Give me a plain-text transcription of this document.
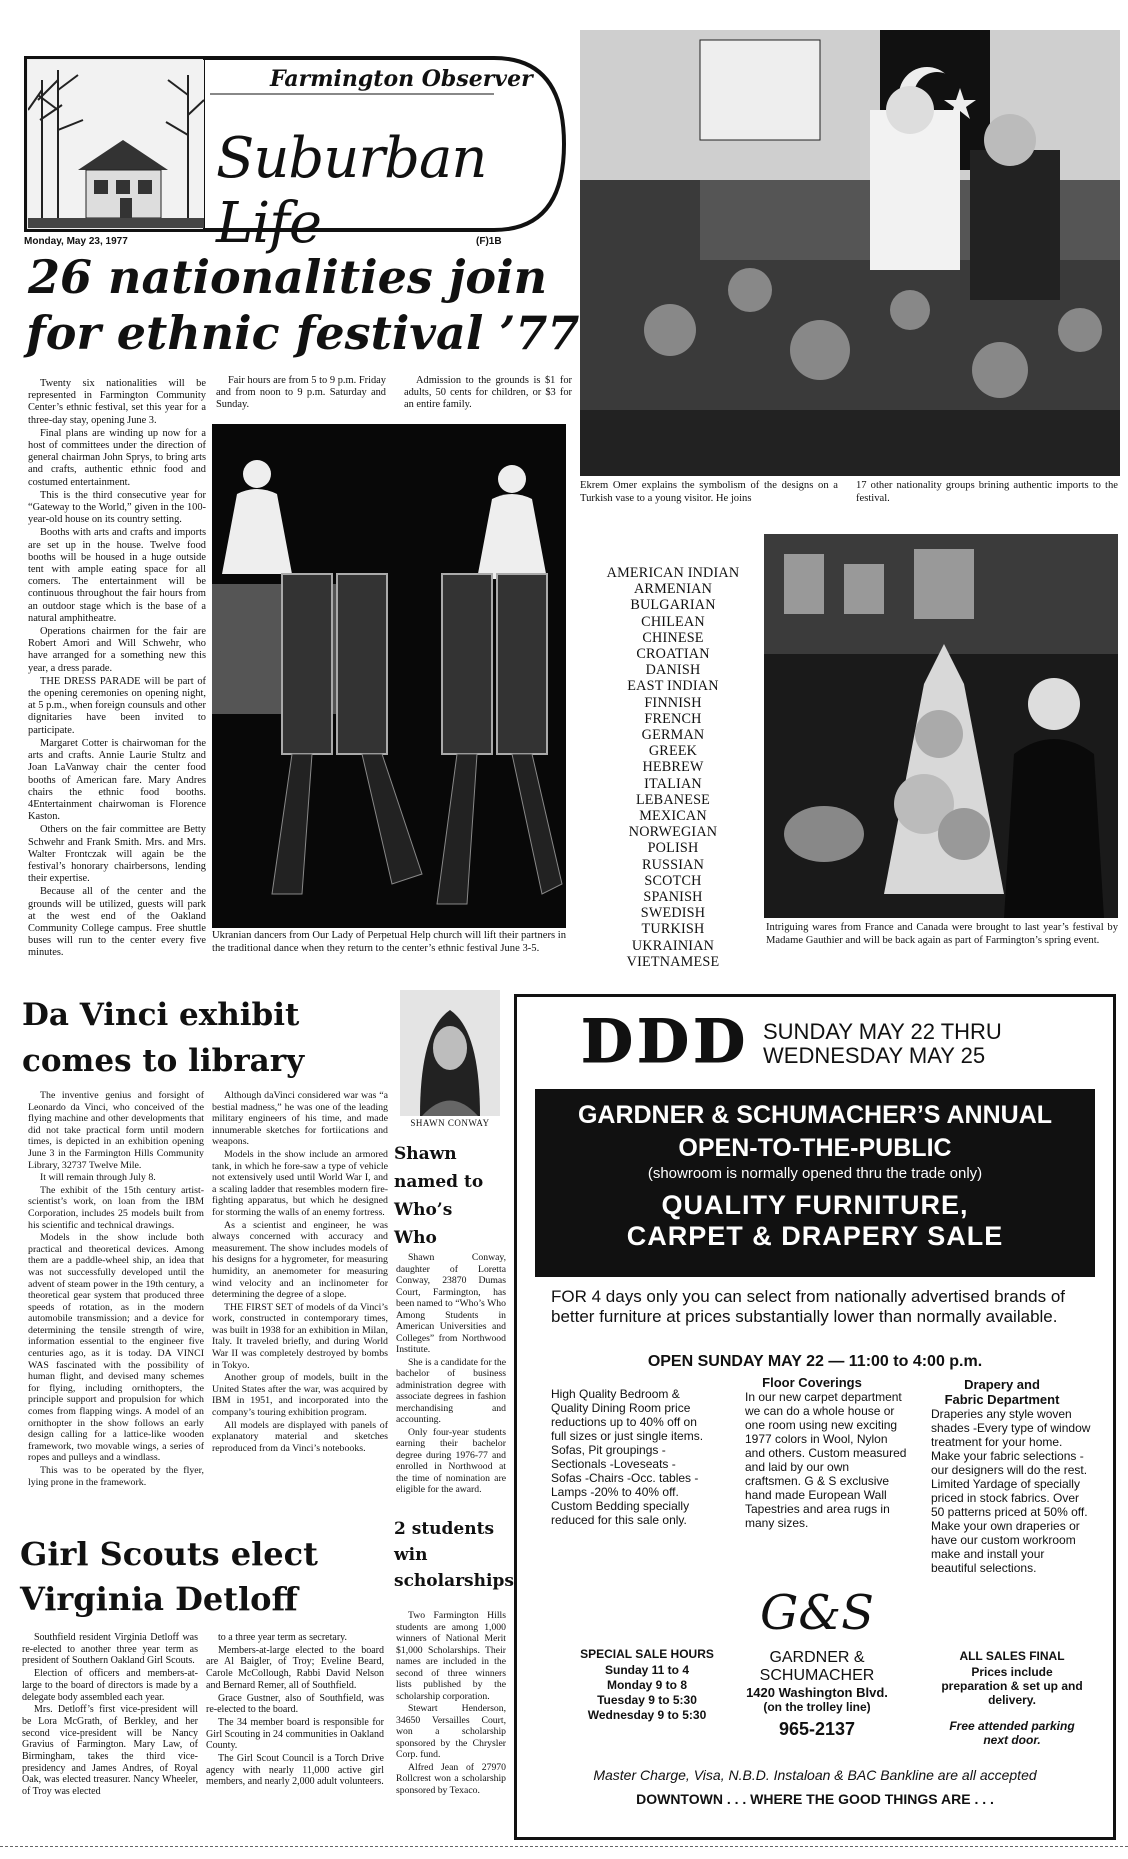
Farmington Observer
Suburban Life
Monday, May 23, 1977	(F)1B
26 nationalities join
for ethnic festival ’77

Twenty six nationalities will be represented in Farmington Community Center’s ethnic festival, set this year for a three-day stay, opening June 3.

Final plans are winding up now for a host of committees under the direction of general chairman John Sprys, to bring arts and crafts, authentic ethnic food and costumed entertainment.

This is the third consecutive year for “Gateway to the World,” given in the 100-year-old house on its country setting.

Booths with arts and crafts and imports are set up in the house. Twelve food booths will be housed in a huge outside tent with ample eating space for all comers. The entertainment will be continuous throughout the fair hours from an outdoor stage which is the base of a natural amphitheatre.

Operations chairmen for the fair are Robert Amori and Will Schwehr, who have arranged for a something new this year, a dress parade.

THE DRESS PARADE will be part of the opening ceremonies on opening night, at 5 p.m., when foreign counsuls and other dignitaries have been invited to participate.

Margaret Cotter is chairwoman for the arts and crafts. Annie Laurie Stultz and Joan LaVanway chair the center food booths of American fare. Mary Andres chairs the ethnic food booths. 4Entertainment chairwoman is Florence Kaston.

Others on the fair committee are Betty Schwehr and Frank Smith. Mrs. and Mrs. Walter Frontczak will again be the festival’s honorary chairbersons, lending their expertise.

Because all of the center and the grounds will be utilized, guests will park at the west end of the Oakland Community College campus. Free shuttle buses will run to the center every five minutes.

Fair hours are from 5 to 9 p.m. Friday and from noon to 9 p.m. Saturday and Sunday.

Admission to the grounds is $1 for adults, 50 cents for children, or $3 for an entire family.

Ekrem Omer explains the symbolism of the designs on a Turkish vase to a young visitor. He joins
17 other nationality groups brining authentic imports to the festival.
Ukranian dancers from Our Lady of Perpetual Help church will lift their partners in the traditional dance when they return to the center’s ethnic festival June 3-5.
AMERICAN INDIAN
ARMENIAN
BULGARIAN
CHILEAN
CHINESE
CROATIAN
DANISH
EAST INDIAN
FINNISH
FRENCH
GERMAN
GREEK
HEBREW
ITALIAN
LEBANESE
MEXICAN
NORWEGIAN
POLISH
RUSSIAN
SCOTCH
SPANISH
SWEDISH
TURKISH
UKRAINIAN
VIETNAMESE
Intriguing wares from France and Canada were brought to last year’s festival by Madame Gauthier and will be back again as part of Farmington’s spring event.
Da Vinci exhibit
comes to library

The inventive genius and forsight of Leonardo da Vinci, who conceived of the flying machine and other developments that did not take practical form until modern times, is depicted in an exhibition opening June 3 in the Farmington Hills Community Library, 32737 Twelve Mile.

It will remain through July 8.

The exhibit of the 15th century artist-scientist’s work, on loan from the IBM Corporation, includes 25 models built from his scientific and technical drawings.

Models in the show include both practical and theoretical devices. Among them are a paddle-wheel ship, an idea that was not successfully developed until the advent of steam power in the 19th century, a theoretical gear system that produced three speeds of rotation, as in the modern automobile transmission; and a device for determining the tensile strength of wire, information essential to the engineer five centuries ago, as it is today. DA VINCI WAS fascinated with the possibility of human flight, and devised many schemes for flying, including ornithopters, the principle support and propulsion for which comes from flapping wings. A model of an ornithopter in the show follows an early design calling for a lattice-like wooden framework, two movable wings, a series of ropes and pulleys and a windlass.

This was to be operated by the flyer, lying prone in the framework.

Although daVinci considered war was “a bestial madness,” he was one of the leading military engineers of his time, and made innumerable sketches for fortiications and weapons.

Models in the show include an armored tank, in which he fore-saw a type of vehicle not extensively used until World War I, and a scaling ladder that resembles modern fire-fighting apparatus, but which he designed for storming the walls of an enemy fortress.

As a scientist and engineer, he was always concerned with accuracy and measurement. The show includes models of his designs for a hygrometer, for measuring humidity, an anemometer for measuring wind velocity and an inclinometer for determining the degree of a slope.

THE FIRST SET of models of da Vinci’s work, constructed in contemporary times, was built in 1938 for an exhibition in Milan, Italy. It traveled briefly, and during World War II was completely destroyed by bombs in Tokyo.

Another group of models, built in the United States after the war, was acquired by IBM in 1951, and incorporated into the company’s touring exhibition program.

All models are displayed with panels of explanatory material and sketches reproduced from da Vinci’s notebooks.

SHAWN CONWAY
Shawn named to Who’s Who

Shawn Conway, daughter of Loretta Conway, 23870 Dumas Court, Farmington, has been named to “Who’s Who Among Students in American Universities and Colleges” from Northwood Institute.

She is a candidate for the bachelor of business administration degree with associate degrees in fashion merchandising and accounting.

Only four-year students earning their bachelor degree during 1976-77 and enrolled in Northwood at the time of nomination are eligible for the award.

2 students win scholarships

Two Farmington Hills students are among 1,000 winners of National Merit $1,000 Scholarships. Their names are included in the second of three winners lists published by the scholarship corporation.

Stewart Henderson, 34650 Versailles Court, won a scholarship sponsored by the Chrysler Corp. fund.

Alfred Jean of 27970 Rollcrest won a scholarship sponsored by Texaco.

Girl Scouts elect
Virginia Detloff

Southfield resident Virginia Detloff was re-elected to another three year term as president of Southern Oakland Girl Scouts.

Election of officers and members-at-large to the board of directors is made by a delegate body assembled each year.

Mrs. Detloff’s first vice-president will be Lora McGrath, of Berkley, and her second vice-president will be Nancy Gravius of Farmington. Mary Law, of Birmingham, takes the third vice-presidency and James Andres, of Royal Oak, was elected treasurer. Nancy Wheeler, of Troy was elected

to a three year term as secretary.

Members-at-large elected to the board are Al Baigler, of Troy; Eveline Beard, Carole McCollough, Rabbi David Nelson and Bernard Remer, all of Southfield.

Grace Gustner, also of Southfield, was re-elected to the board.

The 34 member board is responsible for Girl Scouting in 24 communities in Oakland County.

The Girl Scout Council is a Torch Drive agency with nearly 11,000 active girl members, and nearly 2,000 adult volunteers.

DDD SUNDAY MAY 22 THRU
WEDNESDAY MAY 25
GARDNER & SCHUMACHER’S ANNUAL
OPEN-TO-THE-PUBLIC
(showroom is normally opened thru the trade only)
QUALITY FURNITURE,
CARPET & DRAPERY SALE
FOR 4 days only you can select from nationally advertised brands of better furniture at prices substantially lower than normally available.
OPEN SUNDAY MAY 22 — 11:00 to 4:00 p.m.
High Quality Bedroom & Quality Dining Room price reductions up to 40% off on full sizes or just single items. Sofas, Pit groupings - Sectionals -Loveseats - Sofas -Chairs -Occ. tables -Lamps -20% to 40% off. Custom Bedding specially reduced for this sale only.
Floor Coverings
In our new carpet department we can do a whole house or one room using new exciting 1977 colors in Wool, Nylon and others. Custom measured and laid by our own craftsmen. G & S exclusive hand made European Wall Tapestries and area rugs in many sizes.
Drapery and
Fabric Department
Draperies any style woven shades -Every type of window treatment for your home. Make your fabric selections -our designers will do the rest. Limited Yardage of specially priced in stock fabrics. Over 50 patterns priced at 50% off. Make your own draperies or have our custom workroom make and install your beautiful selections.
SPECIAL SALE HOURS
Sunday 11 to 4
Monday 9 to 8
Tuesday 9 to 5:30
Wednesday 9 to 5:30
G&S
GARDNER &
SCHUMACHER
1420 Washington Blvd.
(on the trolley line)
965-2137
ALL SALES FINAL
Prices include preparation & set up and delivery.
Free attended parking next door.
Master Charge, Visa, N.B.D. Instaloan & BAC Bankline are all accepted
DOWNTOWN . . . WHERE THE GOOD THINGS ARE . . .
